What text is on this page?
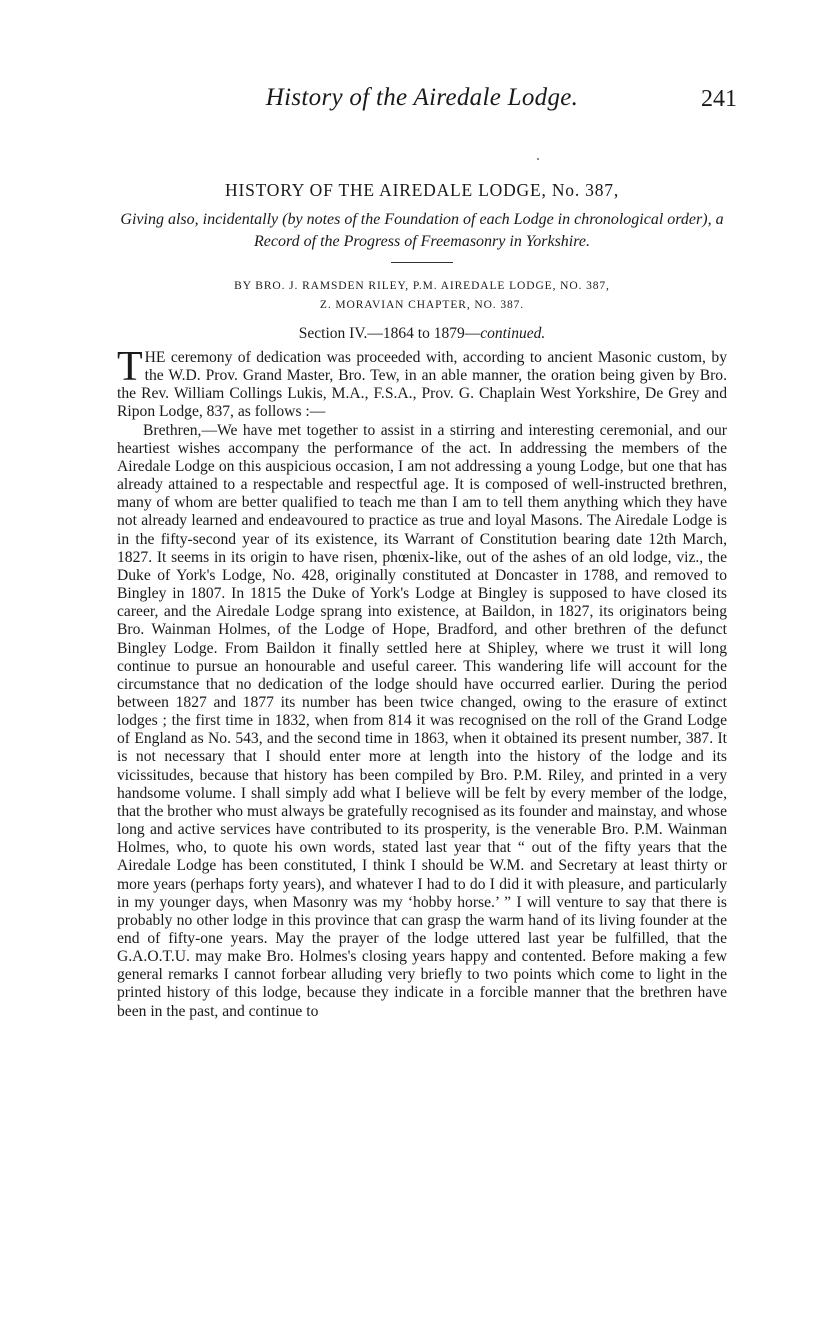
History of the Airedale Lodge.	241
HISTORY OF THE AIREDALE LODGE, No. 387,
Giving also, incidentally (by notes of the Foundation of each Lodge in chronological order), a Record of the Progress of Freemasonry in Yorkshire.
BY BRO. J. RAMSDEN RILEY, P.M. AIREDALE LODGE, NO. 387,
Z. MORAVIAN CHAPTER, NO. 387.
Section IV.—1864 to 1879—continued.

THE ceremony of dedication was proceeded with, according to ancient Masonic custom, by the W.D. Prov. Grand Master, Bro. Tew, in an able manner, the oration being given by Bro. the Rev. William Collings Lukis, M.A., F.S.A., Prov. G. Chaplain West Yorkshire, De Grey and Ripon Lodge, 837, as follows :—

Brethren,—We have met together to assist in a stirring and interesting ceremonial, and our heartiest wishes accompany the performance of the act. In addressing the members of the Airedale Lodge on this auspicious occasion, I am not addressing a young Lodge, but one that has already attained to a respectable and respectful age. It is composed of well-instructed brethren, many of whom are better qualified to teach me than I am to tell them anything which they have not already learned and endeavoured to practice as true and loyal Masons. The Airedale Lodge is in the fifty-second year of its existence, its Warrant of Constitution bearing date 12th March, 1827. It seems in its origin to have risen, phœnix-like, out of the ashes of an old lodge, viz., the Duke of York's Lodge, No. 428, originally constituted at Doncaster in 1788, and removed to Bingley in 1807. In 1815 the Duke of York's Lodge at Bingley is supposed to have closed its career, and the Airedale Lodge sprang into existence, at Baildon, in 1827, its originators being Bro. Wainman Holmes, of the Lodge of Hope, Bradford, and other brethren of the defunct Bingley Lodge. From Baildon it finally settled here at Shipley, where we trust it will long continue to pursue an honourable and useful career. This wandering life will account for the circumstance that no dedication of the lodge should have occurred earlier. During the period between 1827 and 1877 its number has been twice changed, owing to the erasure of extinct lodges ; the first time in 1832, when from 814 it was recognised on the roll of the Grand Lodge of England as No. 543, and the second time in 1863, when it obtained its present number, 387. It is not necessary that I should enter more at length into the history of the lodge and its vicissitudes, because that history has been compiled by Bro. P.M. Riley, and printed in a very handsome volume. I shall simply add what I believe will be felt by every member of the lodge, that the brother who must always be gratefully recognised as its founder and mainstay, and whose long and active services have contributed to its prosperity, is the venerable Bro. P.M. Wainman Holmes, who, to quote his own words, stated last year that “ out of the fifty years that the Airedale Lodge has been constituted, I think I should be W.M. and Secretary at least thirty or more years (perhaps forty years), and whatever I had to do I did it with pleasure, and particularly in my younger days, when Masonry was my ‘hobby horse.’ ” I will venture to say that there is probably no other lodge in this province that can grasp the warm hand of its living founder at the end of fifty-one years. May the prayer of the lodge uttered last year be fulfilled, that the G.A.O.T.U. may make Bro. Holmes's closing years happy and contented. Before making a few general remarks I cannot forbear alluding very briefly to two points which come to light in the printed history of this lodge, because they indicate in a forcible manner that the brethren have been in the past, and continue to
